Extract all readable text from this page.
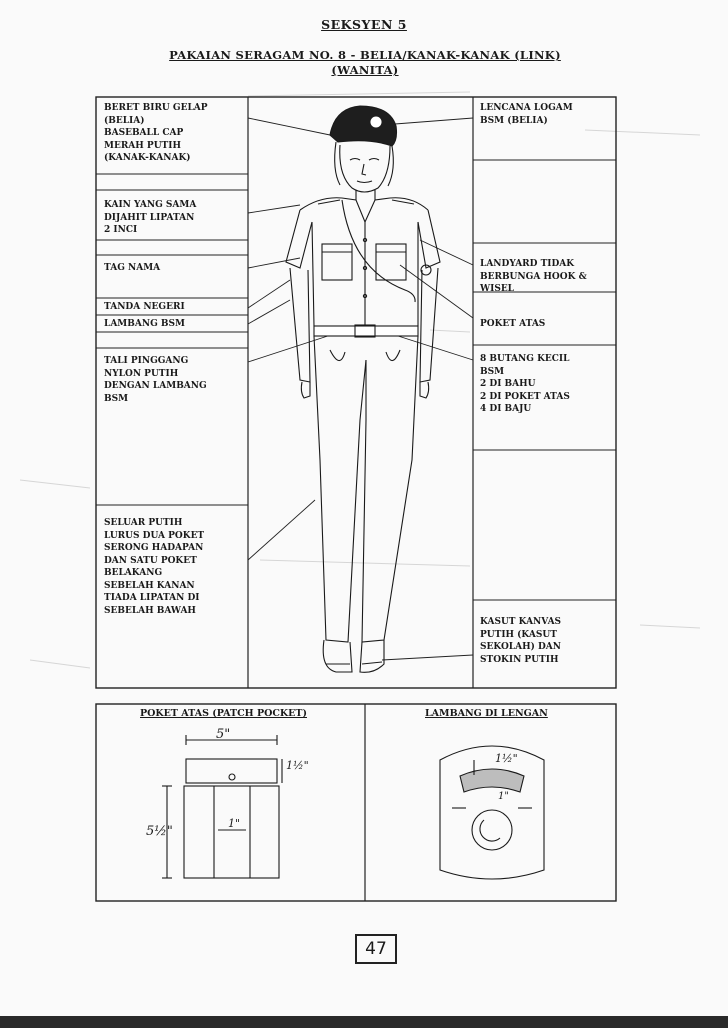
SEKSYEN 5
PAKAIAN SERAGAM NO. 8 - BELIA/KANAK-KANAK (LINK)
(WANITA)
BERET BIRU GELAP
(BELIA)
BASEBALL CAP
MERAH PUTIH
(KANAK-KANAK)
KAIN YANG SAMA
DIJAHIT LIPATAN
2 INCI
TAG NAMA
TANDA NEGERI
LAMBANG BSM
TALI PINGGANG
NYLON PUTIH
DENGAN LAMBANG
BSM
SELUAR PUTIH
LURUS DUA POKET
SERONG HADAPAN
DAN SATU POKET
BELAKANG
SEBELAH KANAN
TIADA LIPATAN DI
SEBELAH BAWAH
LENCANA LOGAM
BSM (BELIA)
LANDYARD TIDAK
BERBUNGA HOOK &
WISEL
POKET ATAS
8 BUTANG KECIL
BSM
2 DI BAHU
2 DI POKET ATAS
4 DI BAJU
KASUT KANVAS
PUTIH (KASUT
SEKOLAH) DAN
STOKIN PUTIH
POKET ATAS (PATCH POCKET)	LAMBANG DI LENGAN
5"
1½"
5½"
1"
1½"
1"
47
